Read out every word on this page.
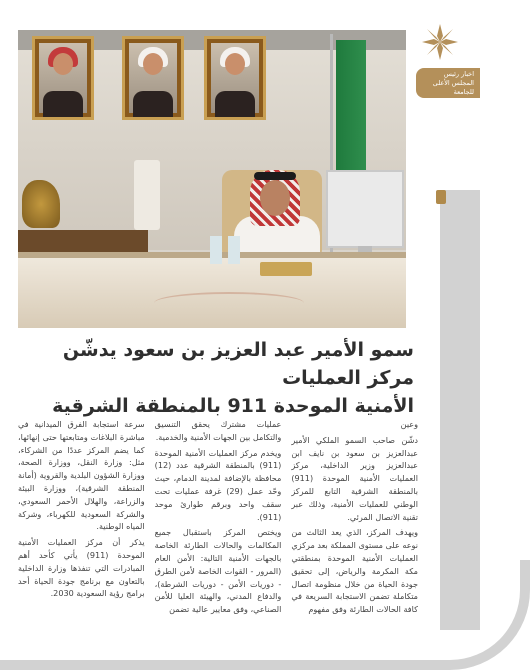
اخبار رئيس
المجلس الأعلى
للجامعة
سمو الأمير عبد العزيز بن سعود يدشّن مركز العمليات
الأمنية الموحدة 911 بالمنطقة الشرقية

وعين

دشّن صاحب السمو الملكي الأمير عبدالعزيز بن سعود بن نايف ابن عبدالعزيز وزير الداخلية، مركز العمليات الأمنية الموحدة (911) بالمنطقة الشرقية التابع للمركز الوطني للعمليات الأمنية، وذلك عبر تقنية الاتصال المرئي.

ويهدف المركز، الذي يعد الثالث من نوعه على مستوى المملكة بعد مركزي العمليات الأمنية الموحدة بمنطقتي مكة المكرمة والرياض، إلى تحقيق جودة الحياة من خلال منظومة اتصال متكاملة تضمن الاستجابة السريعة في كافة الحالات الطارئة وفق مفهوم

عمليات مشترك يحقق التنسيق والتكامل بين الجهات الأمنية والخدمية.

ويخدم مركز العمليات الأمنية الموحدة (911) بالمنطقة الشرقية عدد (12) محافظة بالإضافة لمدينة الدمام، حيث وحّد عمل (29) غرفة عمليات تحت سقف واحد وبرقم طوارئ موحد (911).

ويختص المركز باستقبال جميع المكالمات والحالات الطارئة الخاصة بالجهات الأمنية التالية: الأمن العام (المرور - القوات الخاصة لأمن الطرق - دوريات الأمن - دوريات الشرطة)، والدفاع المدني، والهيئة العليا للأمن الصناعي، وفق معايير عالية تضمن

سرعة استجابة الفرق الميدانية في مباشرة البلاغات ومتابعتها حتى إنهائها، كما يضم المركز عددًا من الشركاء، مثل: وزارة النقل، ووزارة الصحة، ووزارة الشؤون البلدية والقروية (أمانة المنطقة الشرقية)، ووزارة البيئة والزراعة، والهلال الأحمر السعودي، والشركة السعودية للكهرباء، وشركة المياه الوطنية.

يذكر أن مركز العمليات الأمنية الموحدة (911) يأتي كأحد أهم المبادرات التي تنفذها وزارة الداخلية بالتعاون مع برنامج جودة الحياة أحد برامج رؤية السعودية 2030.
